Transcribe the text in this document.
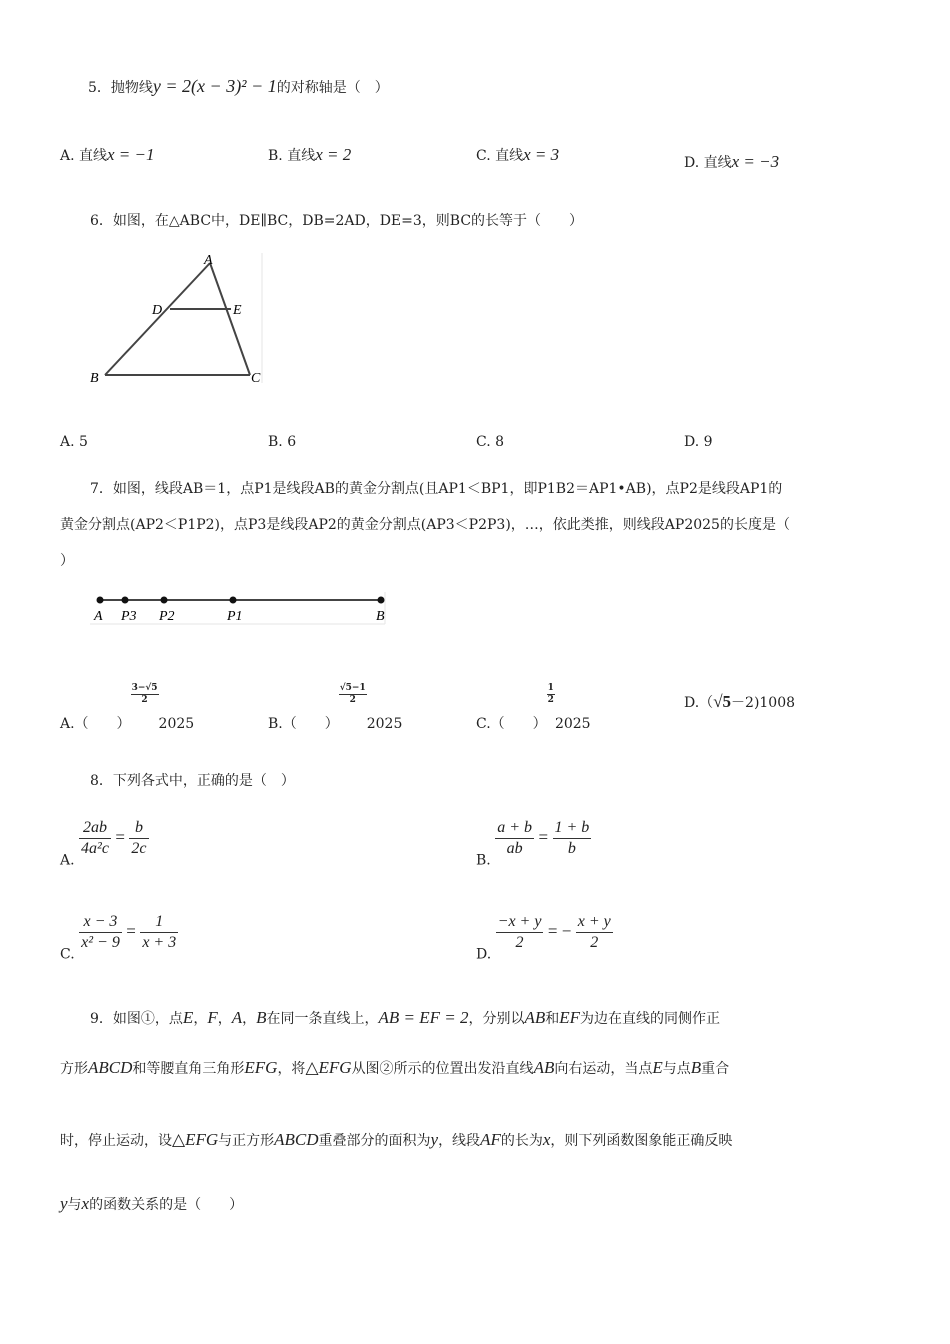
5．抛物线y = 2(x − 3)² − 1的对称轴是（　）
A. 直线x = −1	B. 直线x = 2	C. 直线x = 3	D. 直线x = −3
6．如图，在△ABC中，DE∥BC，DB=2AD，DE=3，则BC的长等于（　　）
A
D	E
B	C
A. 5	B. 6	C. 8	D. 9
7．如图，线段AB＝1，点P1是线段AB的黄金分割点(且AP1＜BP1，即P1B2＝AP1•AB)，点P2是线段AP1的
黄金分割点(AP2＜P1P2)，点P3是线段AP2的黄金分割点(AP3＜P2P3)，…，依此类推，则线段AP2025的长度是（
）
A P3 P2	P1	B
A.（　　）
$\frac{3-√5}{2}$
2025	B.（　　）
$\frac{√5-1}{2}$
2025	C.（　　）
$\frac{1}{2}$
2025
D.（√5－2)1008
8．下列各式中，正确的是（　）
A.
$\frac{2ab}{\text{4a²c}} = \frac{b}{2c}$
B.
$\frac{a + b}{ab} = \frac{1 + b}{b}$
C.
$\frac{x - 3}{\text{x² − 9}} = \frac{1}{x + 3}$
D.
$\frac{-x + y}{2}$ = − $\frac{x + y}{2}$
9．如图①，点E，F，A，B在同一条直线上，AB = EF = 2，分别以AB和EF为边在直线的同侧作正
方形ABCD和等腰直角三角形EFG，将△EFG从图②所示的位置出发沿直线AB向右运动，当点E与点B重合
时，停止运动，设△EFG与正方形ABCD重叠部分的面积为y，线段AF的长为x，则下列函数图象能正确反映
y与x的函数关系的是（　　）
